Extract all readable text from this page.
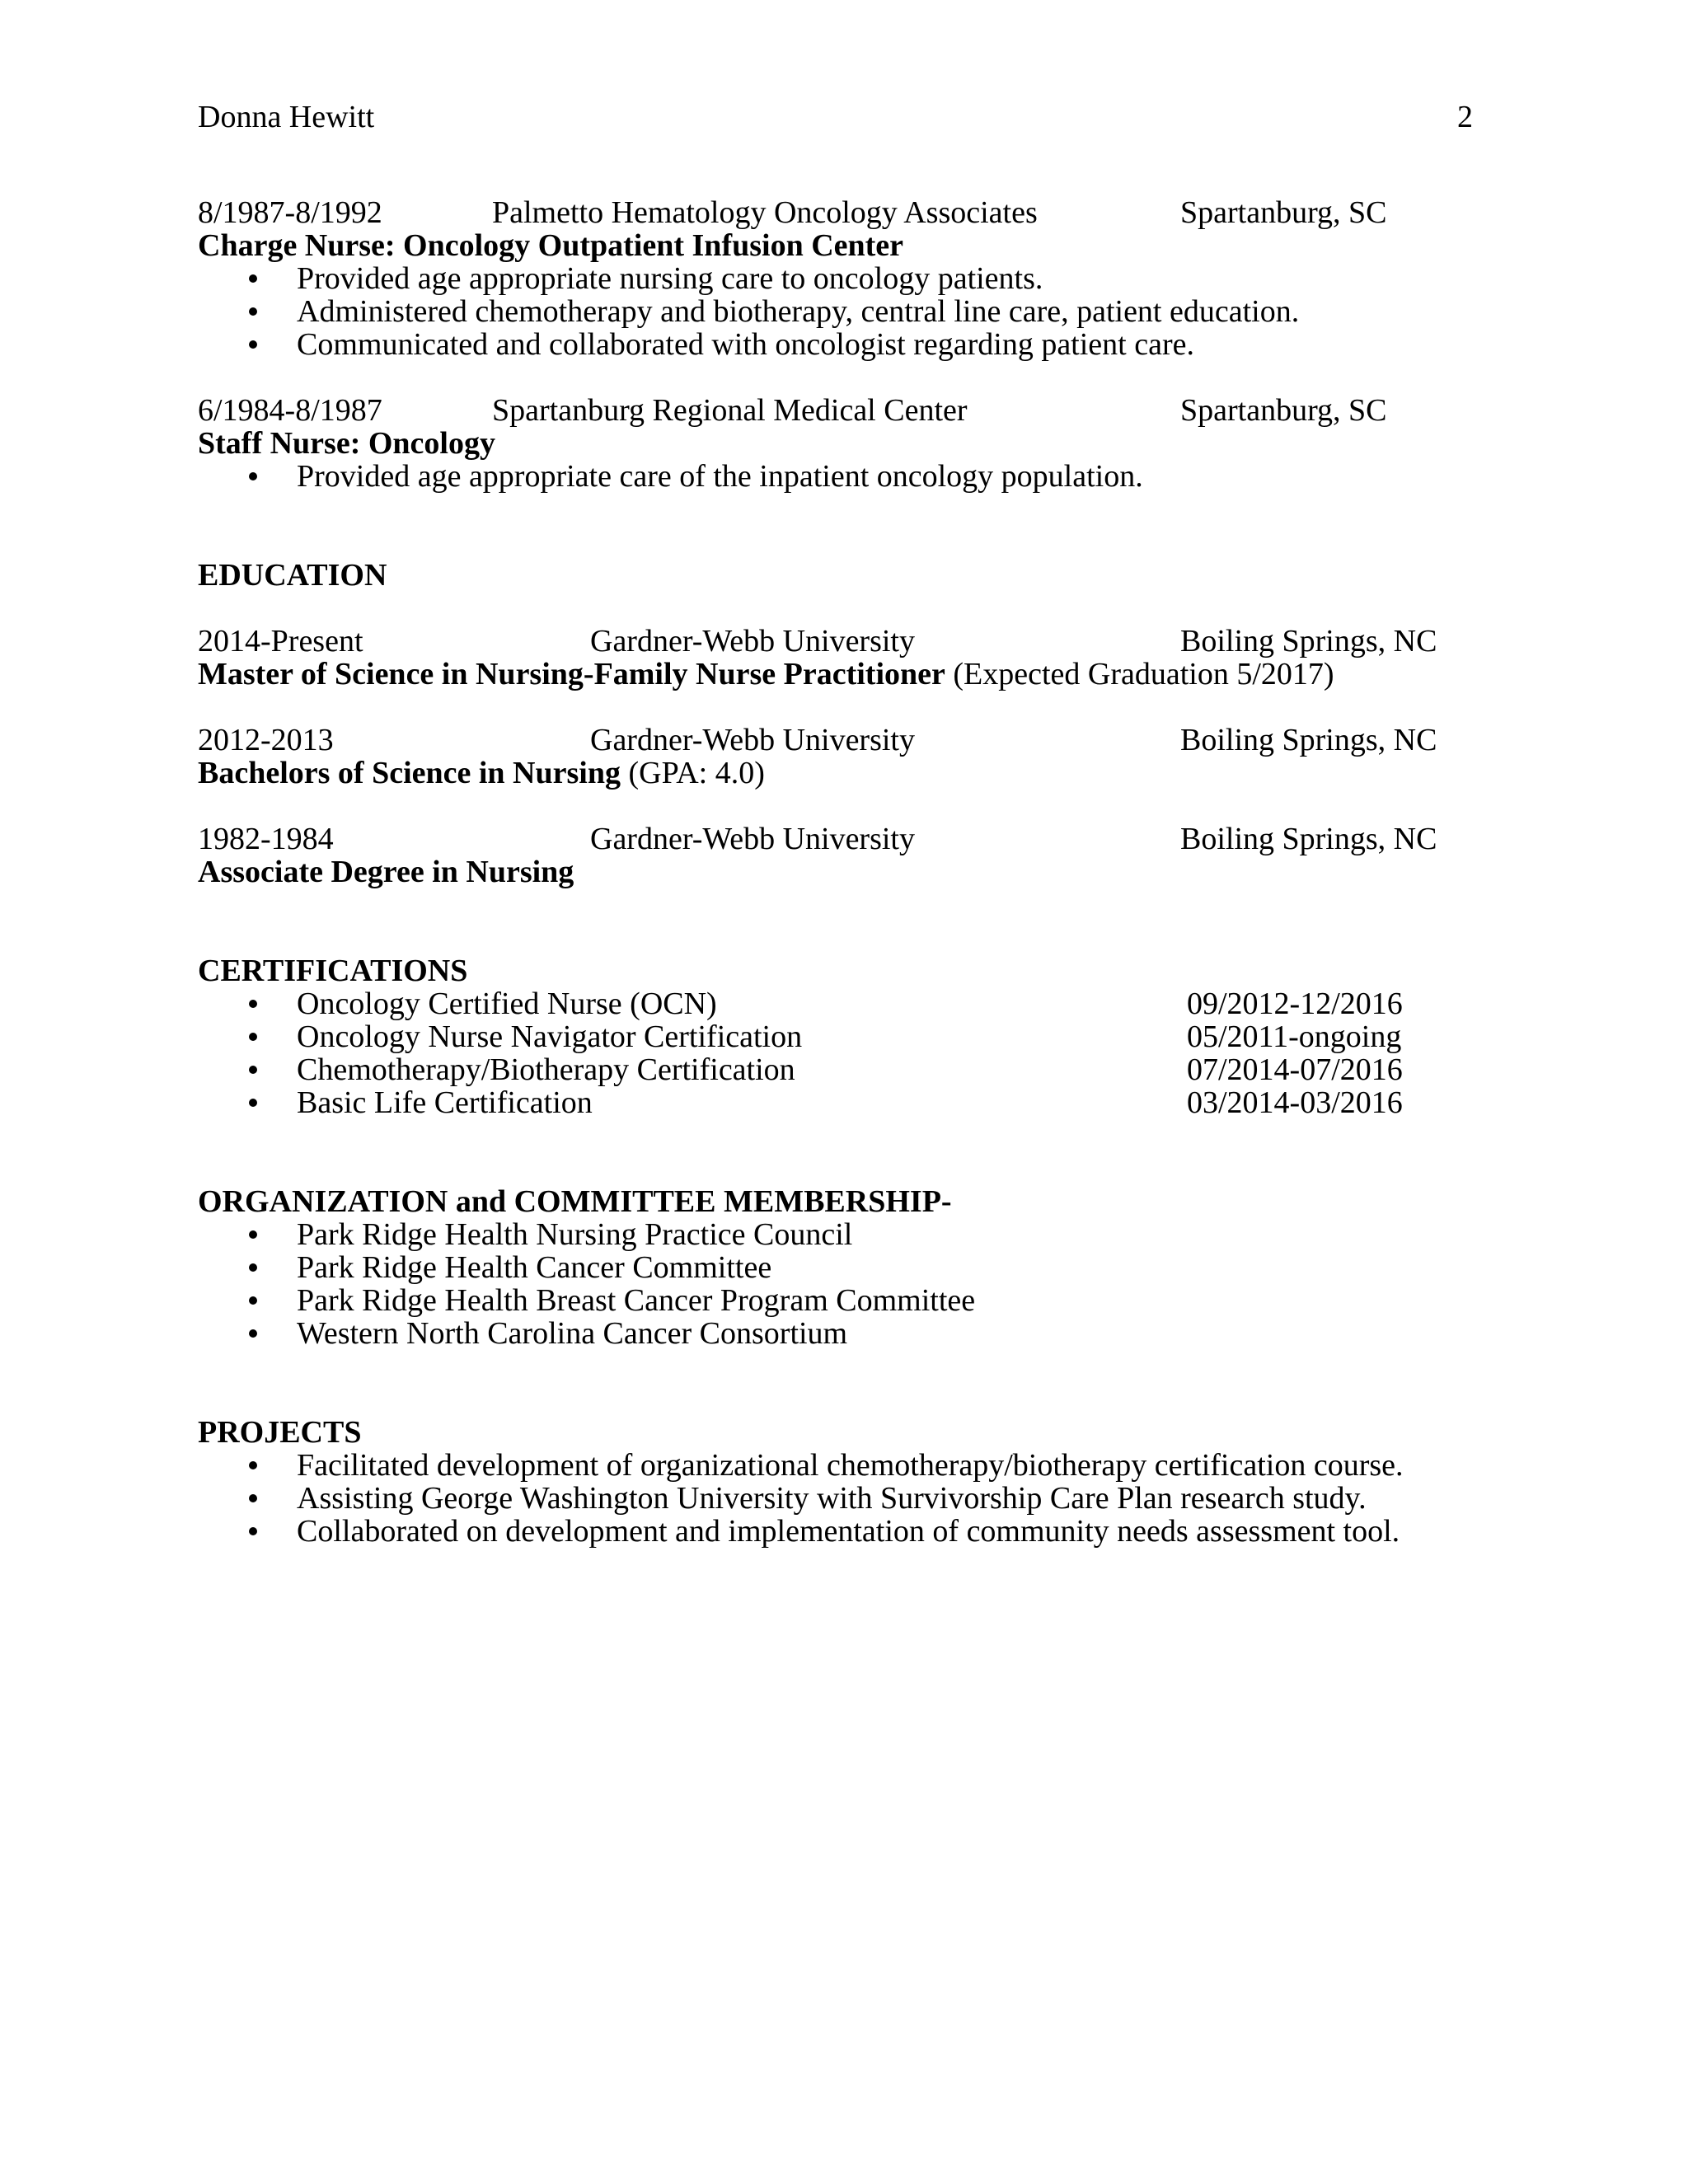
Donna Hewitt	2
8/1987-8/1992	Palmetto Hematology Oncology Associates	Spartanburg, SC
Charge Nurse: Oncology Outpatient Infusion Center
Provided age appropriate nursing care to oncology patients.
Administered chemotherapy and biotherapy, central line care, patient education.
Communicated and collaborated with oncologist regarding patient care.
6/1984-8/1987	Spartanburg Regional Medical Center	Spartanburg, SC
Staff Nurse: Oncology
Provided age appropriate care of the inpatient oncology population.
EDUCATION
2014-Present	Gardner-Webb University	Boiling Springs, NC
Master of Science in Nursing-Family Nurse Practitioner (Expected Graduation 5/2017)
2012-2013	Gardner-Webb University	Boiling Springs, NC
Bachelors of Science in Nursing (GPA: 4.0)
1982-1984	Gardner-Webb University	Boiling Springs, NC
Associate Degree in Nursing
CERTIFICATIONS
Oncology Certified Nurse (OCN)	09/2012-12/2016
Oncology Nurse Navigator Certification	05/2011-ongoing
Chemotherapy/Biotherapy Certification	07/2014-07/2016
Basic Life Certification	03/2014-03/2016
ORGANIZATION and COMMITTEE MEMBERSHIP-
Park Ridge Health Nursing Practice Council
Park Ridge Health Cancer Committee
Park Ridge Health Breast Cancer Program Committee
Western North Carolina Cancer Consortium
PROJECTS
Facilitated development of organizational chemotherapy/biotherapy certification course.
Assisting George Washington University with Survivorship Care Plan research study.
Collaborated on development and implementation of community needs assessment tool.
